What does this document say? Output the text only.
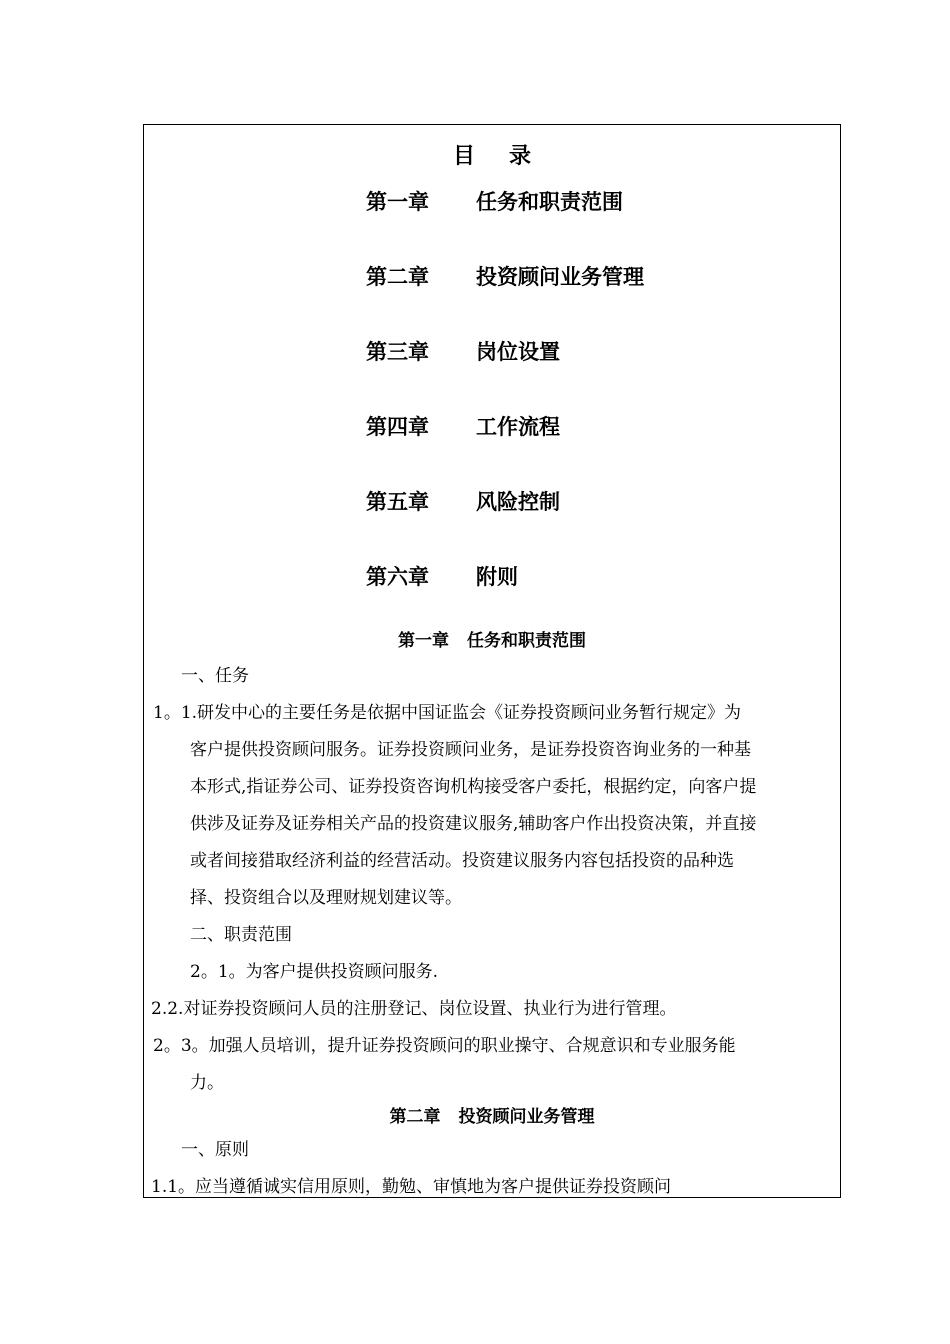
目 录
第一章 任务和职责范围
第二章 投资顾问业务管理
第三章 岗位设置
第四章 工作流程
第五章 风险控制
第六章 附则
第一章 任务和职责范围
一、任务
1。1.研发中心的主要任务是依据中国证监会《证券投资顾问业务暂行规定》为
客户提供投资顾问服务。证券投资顾问业务，是证券投资咨询业务的一种基
本形式,指证券公司、证券投资咨询机构接受客户委托，根据约定，向客户提
供涉及证券及证券相关产品的投资建议服务,辅助客户作出投资决策，并直接
或者间接猎取经济利益的经营活动。投资建议服务内容包括投资的品种选
择、投资组合以及理财规划建议等。
二、职责范围
2。1。为客户提供投资顾问服务.
2.2.对证券投资顾问人员的注册登记、岗位设置、执业行为进行管理。
2。3。加强人员培训，提升证券投资顾问的职业操守、合规意识和专业服务能
力。
第二章 投资顾问业务管理
一、原则
1.1。应当遵循诚实信用原则，勤勉、审慎地为客户提供证券投资顾问
